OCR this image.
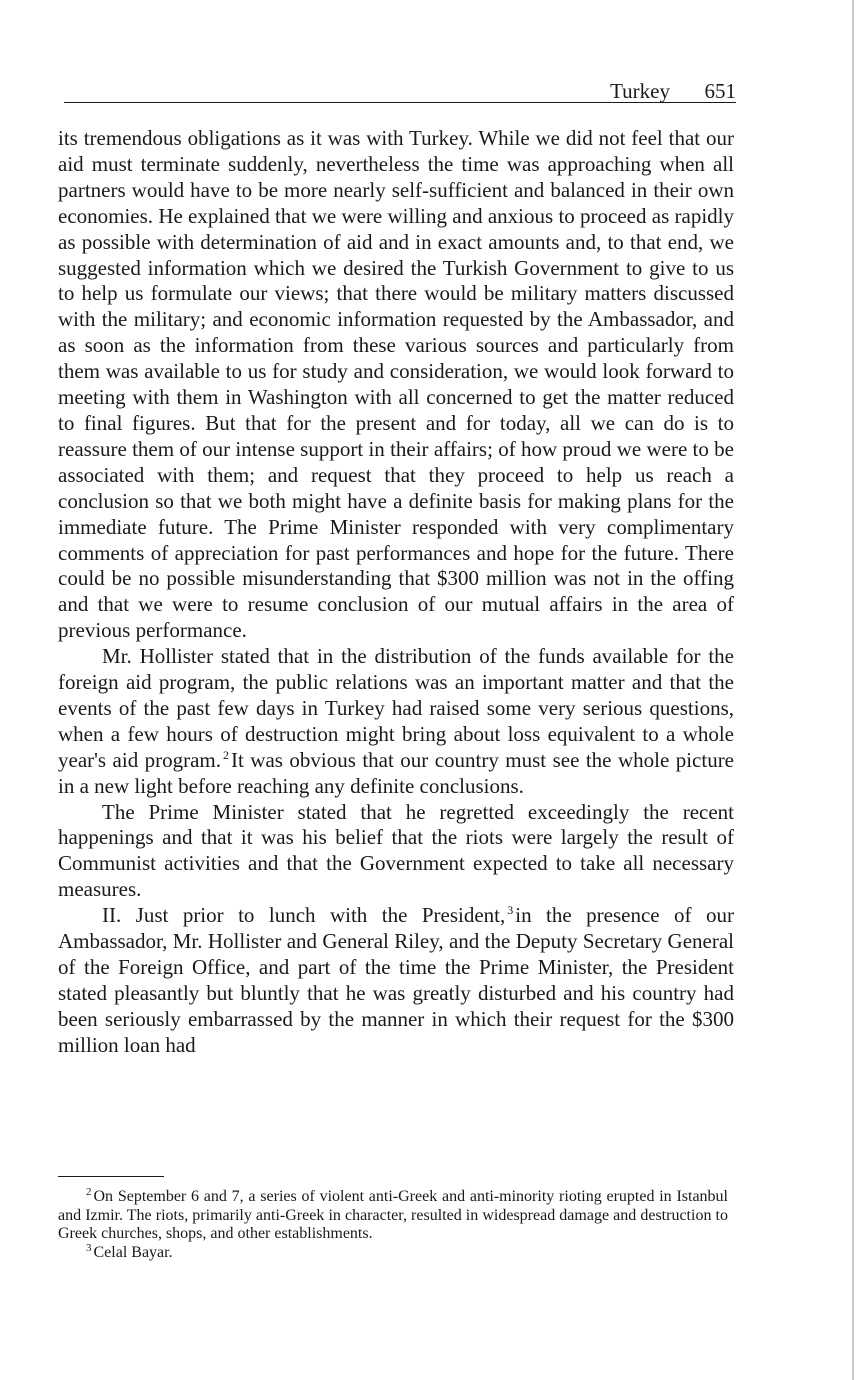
Turkey 651

its tremendous obligations as it was with Turkey. While we did not feel that our aid must terminate suddenly, nevertheless the time was approaching when all partners would have to be more nearly self-sufficient and balanced in their own economies. He explained that we were willing and anxious to proceed as rapidly as possible with determination of aid and in exact amounts and, to that end, we suggested information which we desired the Turkish Government to give to us to help us formulate our views; that there would be military matters discussed with the military; and economic information requested by the Ambassador, and as soon as the information from these various sources and particularly from them was available to us for study and consideration, we would look forward to meeting with them in Washington with all concerned to get the matter reduced to final figures. But that for the present and for today, all we can do is to reassure them of our intense support in their affairs; of how proud we were to be associated with them; and request that they proceed to help us reach a conclusion so that we both might have a definite basis for making plans for the immediate future. The Prime Minister responded with very complimentary comments of appreciation for past performances and hope for the future. There could be no possible misunderstanding that $300 million was not in the offing and that we were to resume conclusion of our mutual affairs in the area of previous performance.

Mr. Hollister stated that in the distribution of the funds available for the foreign aid program, the public relations was an important matter and that the events of the past few days in Turkey had raised some very serious questions, when a few hours of destruction might bring about loss equivalent to a whole year's aid program. $^2$It was obvious that our country must see the whole picture in a new light before reaching any definite conclusions.

The Prime Minister stated that he regretted exceedingly the recent happenings and that it was his belief that the riots were largely the result of Communist activities and that the Government expected to take all necessary measures.

II. Just prior to lunch with the President, $^3$in the presence of our Ambassador, Mr. Hollister and General Riley, and the Deputy Secretary General of the Foreign Office, and part of the time the Prime Minister, the President stated pleasantly but bluntly that he was greatly disturbed and his country had been seriously embarrassed by the manner in which their request for the $300 million loan had

$^2$ On September 6 and 7, a series of violent anti-Greek and anti-minority rioting erupted in Istanbul and Izmir. The riots, primarily anti-Greek in character, resulted in widespread damage and destruction to Greek churches, shops, and other establishments.

$^3$ Celal Bayar.
